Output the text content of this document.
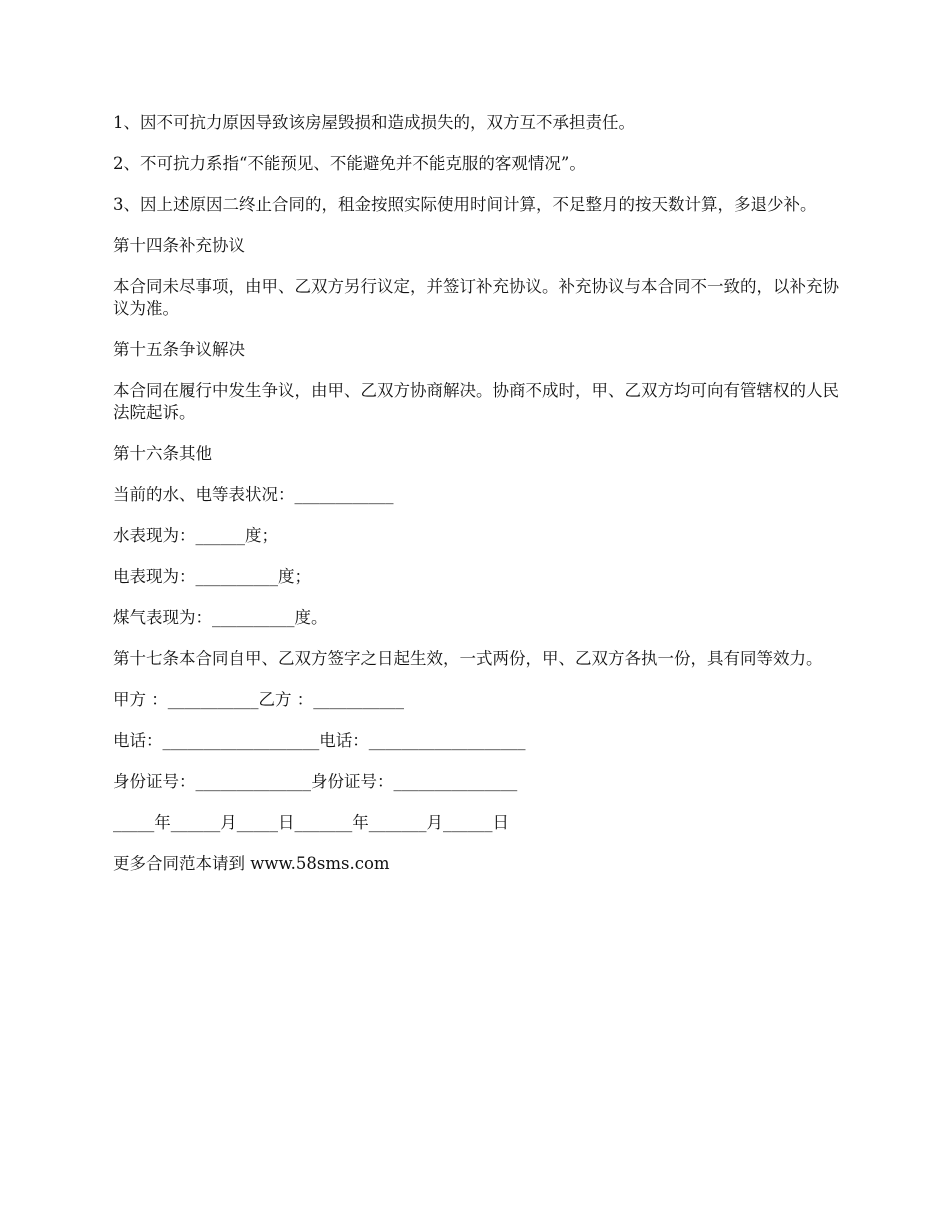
1、因不可抗力原因导致该房屋毁损和造成损失的，双方互不承担责任。

2、不可抗力系指“不能预见、不能避免并不能克服的客观情况”。

3、因上述原因二终止合同的，租金按照实际使用时间计算，不足整月的按天数计算，多退少补。

第十四条补充协议

本合同未尽事项，由甲、乙双方另行议定，并签订补充协议。补充协议与本合同不一致的，以补充协议为准。

第十五条争议解决

本合同在履行中发生争议，由甲、乙双方协商解决。协商不成时，甲、乙双方均可向有管辖权的人民法院起诉。

第十六条其他

当前的水、电等表状况：____________

水表现为：______度；

电表现为：__________度；

煤气表现为：__________度。

第十七条本合同自甲、乙双方签字之日起生效，一式两份，甲、乙双方各执一份，具有同等效力。

甲方 ：___________乙方 ：___________

电话：___________________电话：___________________

身份证号：______________身份证号：_______________

_____年______月_____日_______年_______月______日

更多合同范本请到 www.58sms.com
